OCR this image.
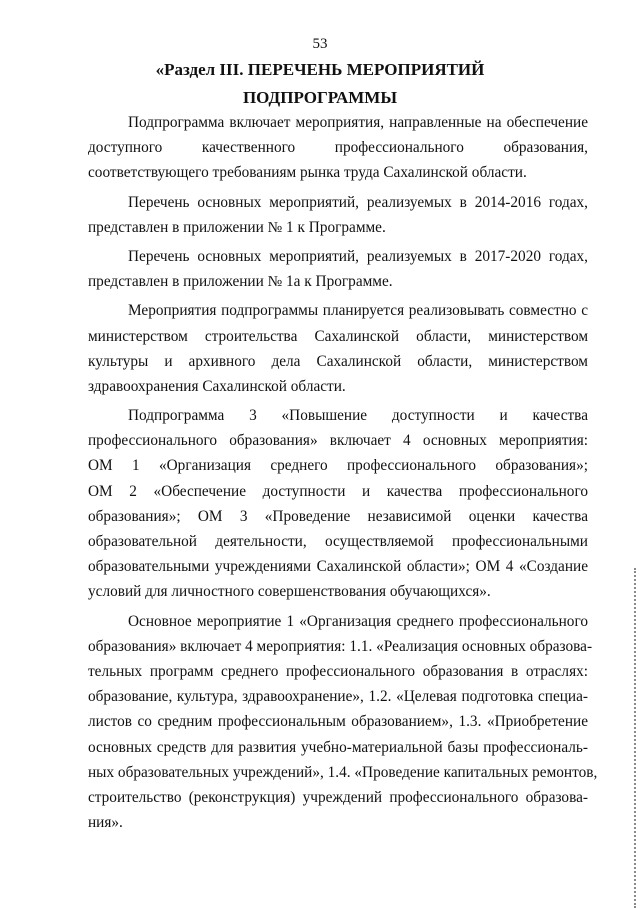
53
«Раздел III. ПЕРЕЧЕНЬ МЕРОПРИЯТИЙ
ПОДПРОГРАММЫ
Подпрограмма включает мероприятия, направленные на обеспечение
доступного качественного профессионального образования,
соответствующего требованиям рынка труда Сахалинской области.
Перечень основных мероприятий, реализуемых в 2014-2016 годах,
представлен в приложении № 1 к Программе.
Перечень основных мероприятий, реализуемых в 2017-2020 годах,
представлен в приложении № 1а к Программе.
Мероприятия подпрограммы планируется реализовывать совместно с
министерством строительства Сахалинской области, министерством
культуры и архивного дела Сахалинской области, министерством
здравоохранения Сахалинской области.
Подпрограмма 3 «Повышение доступности и качества
профессионального образования» включает 4 основных мероприятия:
ОМ 1 «Организация среднего профессионального образования»;
ОМ 2 «Обеспечение доступности и качества профессионального
образования»; ОМ 3 «Проведение независимой оценки качества
образовательной деятельности, осуществляемой профессиональными
образовательными учреждениями Сахалинской области»; ОМ 4 «Создание
условий для личностного совершенствования обучающихся».
Основное мероприятие 1 «Организация среднего профессионального
образования» включает 4 мероприятия: 1.1. «Реализация основных образова-
тельных программ среднего профессионального образования в отраслях:
образование, культура, здравоохранение», 1.2. «Целевая подготовка специа-
листов со средним профессиональным образованием», 1.3. «Приобретение
основных средств для развития учебно-материальной базы профессиональ-
ных образовательных учреждений», 1.4. «Проведение капитальных ремонтов,
строительство (реконструкция) учреждений профессионального образова-
ния».
